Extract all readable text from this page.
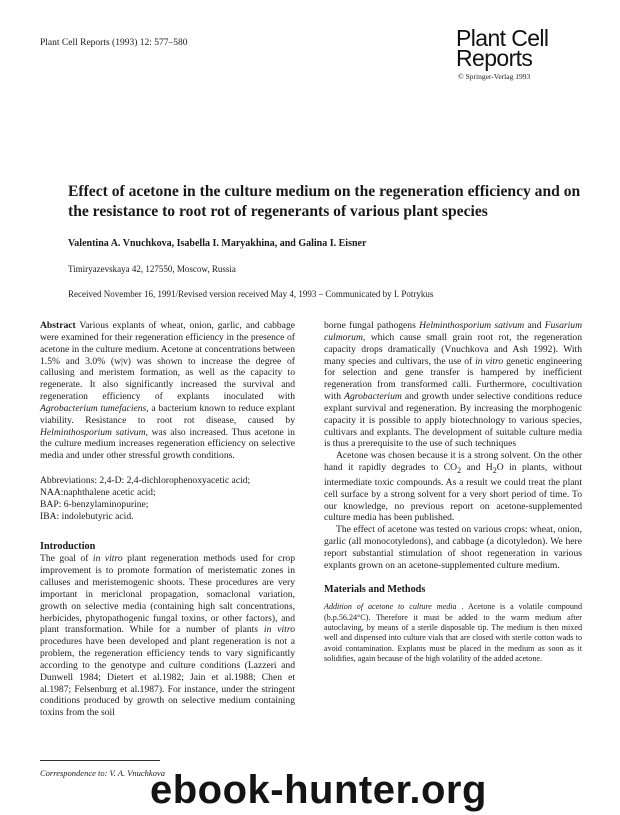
Plant Cell Reports (1993) 12: 577–580	Plant Cell
Reports
© Springer-Verlag 1993
Effect of acetone in the culture medium on the regeneration efficiency and on the resistance to root rot of regenerants of various plant species
Valentina A. Vnuchkova, Isabella I. Maryakhina, and Galina I. Eisner
Timiryazevskaya 42, 127550, Moscow, Russia
Received November 16, 1991/Revised version received May 4, 1993 – Communicated by I. Potrykus

Abstract Various explants of wheat, onion, garlic, and cabbage were examined for their regeneration efficiency in the presence of acetone in the culture medium. Acetone at concentrations between 1.5% and 3.0% (w|v) was shown to increase the degree of callusing and meristem formation, as well as the capacity to regenerate. It also significantly increased the survival and regeneration efficiency of explants inoculated with Agrobacterium tumefaciens, a bacterium known to reduce explant viability. Resistance to root rot disease, caused by Helminthosporium sativum, was also increased. Thus acetone in the culture medium increases regeneration efficiency on selective media and under other stressful growth conditions.

Abbreviations: 2,4-D: 2,4-dichlorophenoxyacetic acid;

NAA:naphthalene acetic acid;

BAP: 6-benzylaminopurine;

IBA: indolebutyric acid.

Introduction

The goal of in vitro plant regeneration methods used for crop improvement is to promote formation of meristematic zones in calluses and meristemogenic shoots. These procedures are very important in mericlonal propagation, somaclonal variation, growth on selective media (containing high salt concentrations, herbicides, phytopathogenic fungal toxins, or other factors), and plant transformation. While for a number of plants in vitro procedures have been developed and plant regeneration is not a problem, the regeneration efficiency tends to vary significantly according to the genotype and culture conditions (Lazzeri and Dunwell 1984; Dietert et al.1982; Jain et al.1988; Chen et al.1987; Felsenburg et al.1987). For instance, under the stringent conditions produced by growth on selective medium containing toxins from the soil

borne fungal pathogens Helminthosporium sativum and Fusarium culmorum, which cause small grain root rot, the regeneration capacity drops dramatically (Vnuchkova and Ash 1992). With many species and cultivars, the use of in vitro genetic engineering for selection and gene transfer is hampered by inefficient regeneration from transformed calli. Furthermore, cocultivation with Agrobacterium and growth under selective conditions reduce explant survival and regeneration. By increasing the morphogenic capacity it is possible to apply biotechnology to various species, cultivars and explants. The development of suitable culture media is thus a prerequisite to the use of such techniques

Acetone was chosen because it is a strong solvent. On the other hand it rapidly degrades to $CO_2$ and $H_2O$ in plants, without intermediate toxic compounds. As a result we could treat the plant cell surface by a strong solvent for a very short period of time. To our knowledge, no previous report on acetone-supplemented culture media has been published.

The effect of acetone was tested on various crops: wheat, onion, garlic (all monocotyledons), and cabbage (a dicotyledon). We here report substantial stimulation of shoot regeneration in various explants grown on an acetone-supplemented culture medium.

Materials and Methods

Addition of acetone to culture media . Acetone is a volatile compound (b.p.56.24°C). Therefore it must be added to the warm medium after autoclaving, by means of a sterile disposable tip. The medium is then mixed well and dispensed into culture vials that are closed with sterile cotton wads to avoid contamination. Explants must be placed in the medium as soon as it solidifies, again because of the high volatility of the added acetone.

Correspondence to: V. A. Vnuchkova
ebook-hunter.org
